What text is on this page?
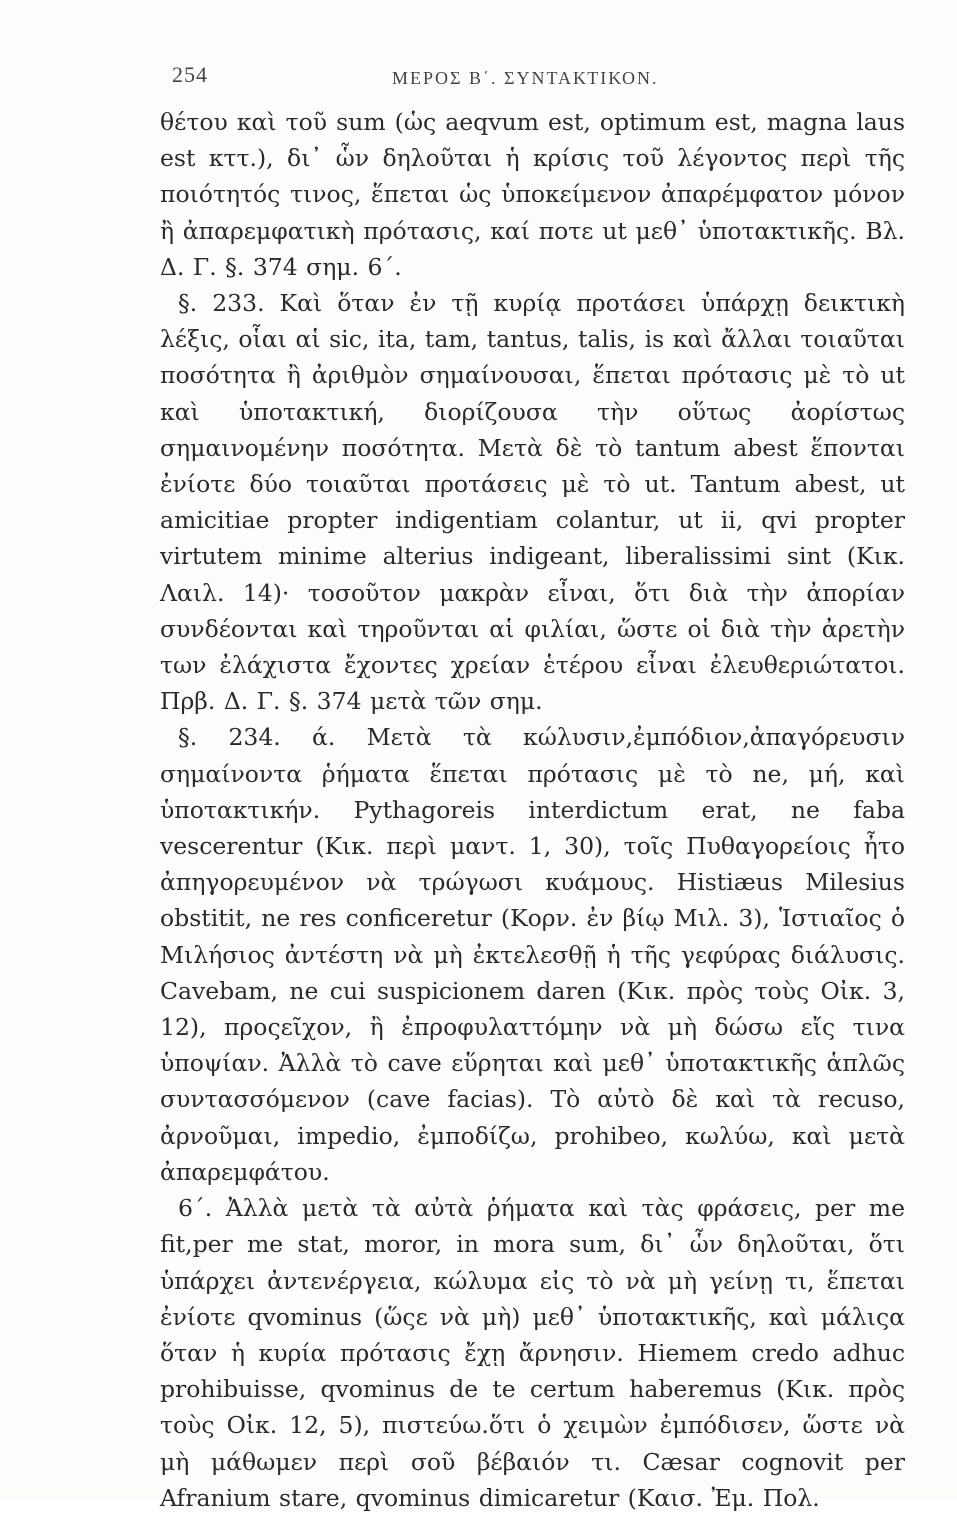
254	ΜΕΡΟΣ Β΄. ΣΥΝΤΑΚΤΙΚΟΝ.

θέτου καὶ τοῦ sum (ὡς aeqvum est, optimum est, magna laus est κττ.), δι᾽ ὧν δηλοῦται ἡ κρίσις τοῦ λέγοντος περὶ τῆς ποιότητός τινος, ἕπεται ὡς ὑποκείμενον ἀπαρέμφατον μόνον ἢ ἀπαρεμφατικὴ πρότασις, καί ποτε ut μεθ᾽ ὑποτακτικῆς. Βλ. Δ. Γ. §. 374 σημ. 6΄.

§. 233. Καὶ ὅταν ἐν τῇ κυρίᾳ προτάσει ὑπάρχῃ δεικτικὴ λέξις, οἷαι αἱ sic, ita, tam, tantus, talis, is καὶ ἄλλαι τοιαῦται ποσότητα ἢ ἀριθμὸν σημαίνουσαι, ἕπεται πρότασις μὲ τὸ ut καὶ ὑποτακτική, διορίζουσα τὴν οὕτως ἀορίστως σημαινομένην ποσότητα. Μετὰ δὲ τὸ tantum abest ἕπονται ἐνίοτε δύο τοιαῦται προτάσεις μὲ τὸ ut. Tantum abest, ut amicitiae propter indigentiam colantur, ut ii, qvi propter virtutem minime alterius indigeant, liberalissimi sint (Κικ. Λαιλ. 14)· τοσοῦτον μακρὰν εἶναι, ὅτι διὰ τὴν ἀπορίαν συνδέονται καὶ τηροῦνται αἱ φιλίαι, ὥστε οἱ διὰ τὴν ἀρετὴν των ἐλάχιστα ἔχοντες χρείαν ἑτέρου εἶναι ἐλευθεριώτατοι. Πρβ. Δ. Γ. §. 374 μετὰ τῶν σημ.

§. 234. ά. Μετὰ τὰ κώλυσιν,ἐμπόδιον,ἀπαγόρευσιν σημαίνοντα ῥήματα ἕπεται πρότασις μὲ τὸ ne, μή, καὶ ὑποτακτικήν. Pythagoreis interdictum erat, ne faba vescerentur (Κικ. περὶ μαντ. 1, 30), τοῖς Πυθαγορείοις ἦτο ἀπηγορευμένον νὰ τρώγωσι κυάμους. Histiæus Milesius obstitit, ne res conficeretur (Κορν. ἐν βίῳ Μιλ. 3), Ἱστιαῖος ὁ Μιλήσιος ἀντέστη νὰ μὴ ἐκτελεσθῇ ἡ τῆς γεφύρας διάλυσις. Cavebam, ne cui suspicionem daren (Κικ. πρὸς τοὺς Οἰκ. 3, 12), προςεῖχον, ἢ ἐπροφυλαττόμην νὰ μὴ δώσω εἴς τινα ὑποψίαν. Ἀλλὰ τὸ cave εὕρηται καὶ μεθ᾽ ὑποτακτικῆς ἁπλῶς συντασσόμενον (cave facias). Τὸ αὐτὸ δὲ καὶ τὰ recuso, ἀρνοῦμαι, impedio, ἐμποδίζω, prohibeo, κωλύω, καὶ μετὰ ἀπαρεμφάτου.

6΄. Ἀλλὰ μετὰ τὰ αὐτὰ ῥήματα καὶ τὰς φράσεις, per me fit,per me stat, moror, in mora sum, δι᾽ ὧν δηλοῦται, ὅτι ὑπάρχει ἀντενέργεια, κώλυμα εἰς τὸ νὰ μὴ γείνῃ τι, ἕπεται ἐνίοτε qvominus (ὥςε νὰ μὴ) μεθ᾽ ὑποτακτικῆς, καὶ μάλιςα ὅταν ἡ κυρία πρότασις ἔχῃ ἄρνησιν. Hiemem credo adhuc prohibuisse, qvominus de te certum haberemus (Κικ. πρὸς τοὺς Οἰκ. 12, 5), πιστεύω.ὅτι ὁ χειμὼν ἐμπόδισεν, ὥστε νὰ μὴ μάθωμεν περὶ σοῦ βέβαιόν τι. Cæsar cognovit per Afranium stare, qvominus dimicaretur (Καισ. Ἐμ. Πολ.
